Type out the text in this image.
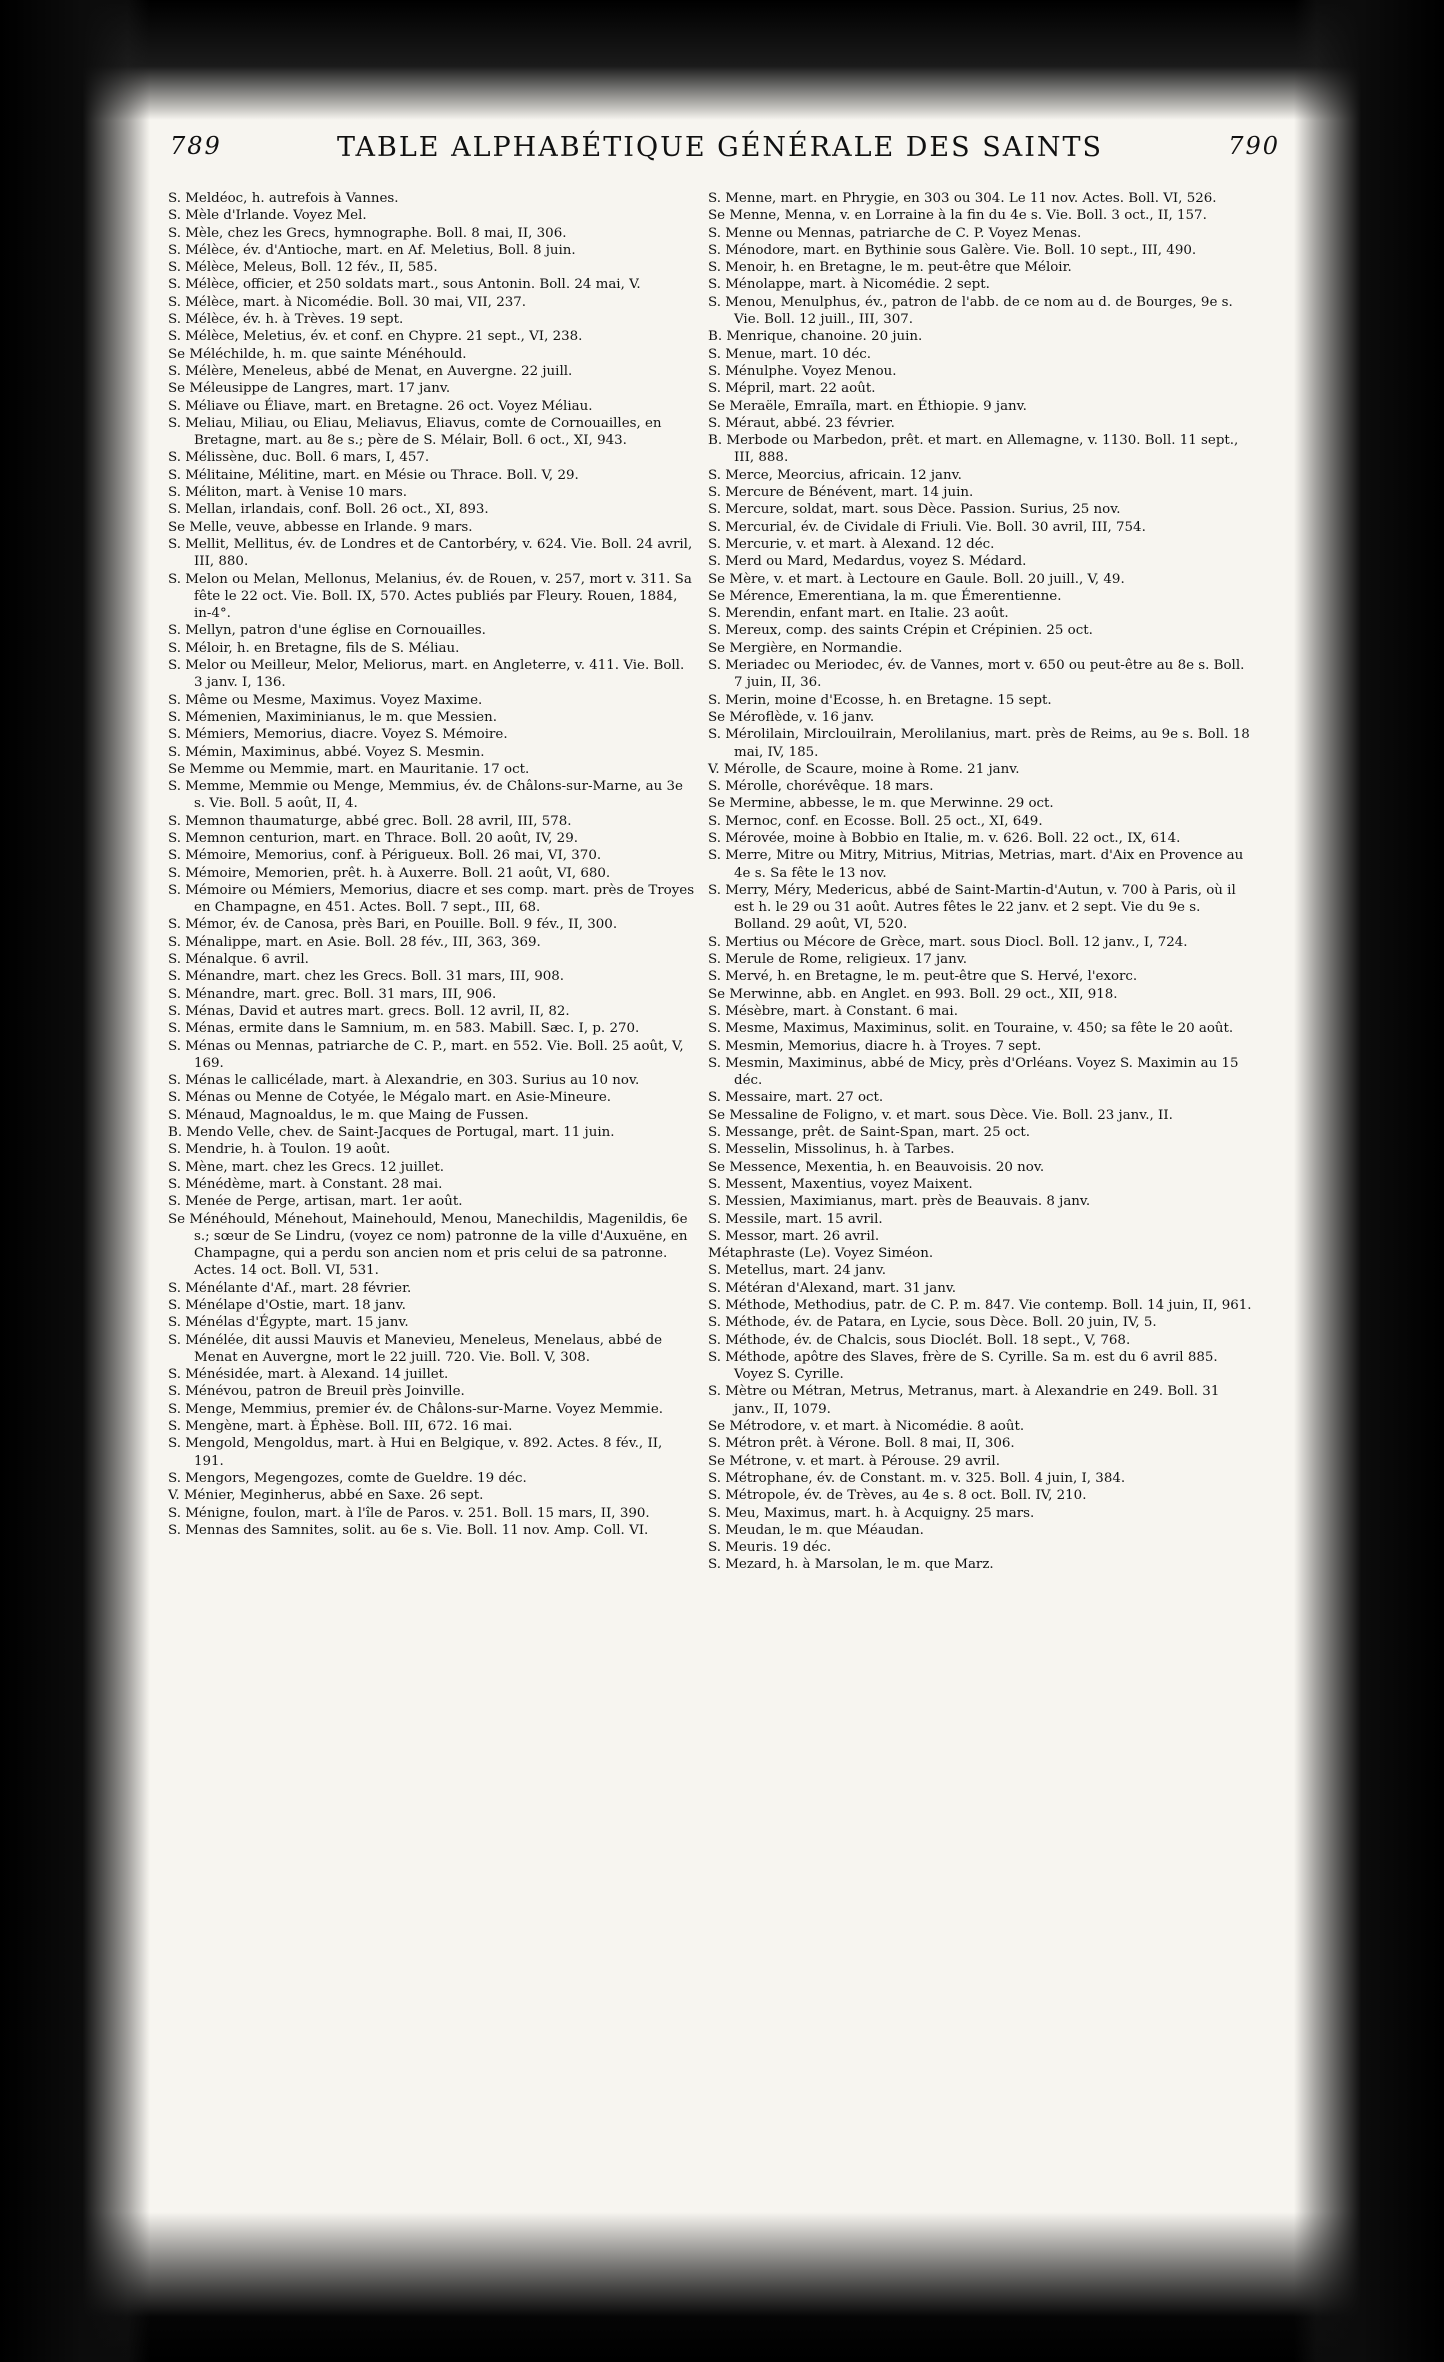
789	TABLE ALPHABÉTIQUE GÉNÉRALE DES SAINTS	790

S. Meldéoc, h. autrefois à Vannes.

S. Mèle d'Irlande. Voyez Mel.

S. Mèle, chez les Grecs, hymnographe. Boll. 8 mai, II, 306.

S. Mélèce, év. d'Antioche, mart. en Af. Meletius, Boll. 8 juin.

S. Mélèce, Meleus, Boll. 12 fév., II, 585.

S. Mélèce, officier, et 250 soldats mart., sous Antonin. Boll. 24 mai, V.

S. Mélèce, mart. à Nicomédie. Boll. 30 mai, VII, 237.

S. Mélèce, év. h. à Trèves. 19 sept.

S. Mélèce, Meletius, év. et conf. en Chypre. 21 sept., VI, 238.

Se Méléchilde, h. m. que sainte Ménéhould.

S. Mélère, Meneleus, abbé de Menat, en Auvergne. 22 juill.

Se Méleusippe de Langres, mart. 17 janv.

S. Méliave ou Éliave, mart. en Bretagne. 26 oct. Voyez Méliau.

S. Meliau, Miliau, ou Eliau, Meliavus, Eliavus, comte de Cornouailles, en Bretagne, mart. au 8e s.; père de S. Mélair, Boll. 6 oct., XI, 943.

S. Mélissène, duc. Boll. 6 mars, I, 457.

S. Mélitaine, Mélitine, mart. en Mésie ou Thrace. Boll. V, 29.

S. Méliton, mart. à Venise 10 mars.

S. Mellan, irlandais, conf. Boll. 26 oct., XI, 893.

Se Melle, veuve, abbesse en Irlande. 9 mars.

S. Mellit, Mellitus, év. de Londres et de Cantorbéry, v. 624. Vie. Boll. 24 avril, III, 880.

S. Melon ou Melan, Mellonus, Melanius, év. de Rouen, v. 257, mort v. 311. Sa fête le 22 oct. Vie. Boll. IX, 570. Actes publiés par Fleury. Rouen, 1884, in-4°.

S. Mellyn, patron d'une église en Cornouailles.

S. Méloir, h. en Bretagne, fils de S. Méliau.

S. Melor ou Meilleur, Melor, Meliorus, mart. en Angleterre, v. 411. Vie. Boll. 3 janv. I, 136.

S. Même ou Mesme, Maximus. Voyez Maxime.

S. Mémenien, Maximinianus, le m. que Messien.

S. Mémiers, Memorius, diacre. Voyez S. Mémoire.

S. Mémin, Maximinus, abbé. Voyez S. Mesmin.

Se Memme ou Memmie, mart. en Mauritanie. 17 oct.

S. Memme, Memmie ou Menge, Memmius, év. de Châlons-sur-Marne, au 3e s. Vie. Boll. 5 août, II, 4.

S. Memnon thaumaturge, abbé grec. Boll. 28 avril, III, 578.

S. Memnon centurion, mart. en Thrace. Boll. 20 août, IV, 29.

S. Mémoire, Memorius, conf. à Périgueux. Boll. 26 mai, VI, 370.

S. Mémoire, Memorien, prêt. h. à Auxerre. Boll. 21 août, VI, 680.

S. Mémoire ou Mémiers, Memorius, diacre et ses comp. mart. près de Troyes en Champagne, en 451. Actes. Boll. 7 sept., III, 68.

S. Mémor, év. de Canosa, près Bari, en Pouille. Boll. 9 fév., II, 300.

S. Ménalippe, mart. en Asie. Boll. 28 fév., III, 363, 369.

S. Ménalque. 6 avril.

S. Ménandre, mart. chez les Grecs. Boll. 31 mars, III, 908.

S. Ménandre, mart. grec. Boll. 31 mars, III, 906.

S. Ménas, David et autres mart. grecs. Boll. 12 avril, II, 82.

S. Ménas, ermite dans le Samnium, m. en 583. Mabill. Sæc. I, p. 270.

S. Ménas ou Mennas, patriarche de C. P., mart. en 552. Vie. Boll. 25 août, V, 169.

S. Ménas le callicélade, mart. à Alexandrie, en 303. Surius au 10 nov.

S. Ménas ou Menne de Cotyée, le Mégalo mart. en Asie-Mineure.

S. Ménaud, Magnoaldus, le m. que Maing de Fussen.

B. Mendo Velle, chev. de Saint-Jacques de Portugal, mart. 11 juin.

S. Mendrie, h. à Toulon. 19 août.

S. Mène, mart. chez les Grecs. 12 juillet.

S. Ménédème, mart. à Constant. 28 mai.

S. Menée de Perge, artisan, mart. 1er août.

Se Ménéhould, Ménehout, Mainehould, Menou, Manechildis, Magenildis, 6e s.; sœur de Se Lindru, (voyez ce nom) patronne de la ville d'Auxuëne, en Champagne, qui a perdu son ancien nom et pris celui de sa patronne. Actes. 14 oct. Boll. VI, 531.

S. Ménélante d'Af., mart. 28 février.

S. Ménélape d'Ostie, mart. 18 janv.

S. Ménélas d'Égypte, mart. 15 janv.

S. Ménélée, dit aussi Mauvis et Manevieu, Meneleus, Menelaus, abbé de Menat en Auvergne, mort le 22 juill. 720. Vie. Boll. V, 308.

S. Ménésidée, mart. à Alexand. 14 juillet.

S. Ménévou, patron de Breuil près Joinville.

S. Menge, Memmius, premier év. de Châlons-sur-Marne. Voyez Memmie.

S. Mengène, mart. à Éphèse. Boll. III, 672. 16 mai.

S. Mengold, Mengoldus, mart. à Hui en Belgique, v. 892. Actes. 8 fév., II, 191.

S. Mengors, Megengozes, comte de Gueldre. 19 déc.

V. Ménier, Meginherus, abbé en Saxe. 26 sept.

S. Ménigne, foulon, mart. à l'île de Paros. v. 251. Boll. 15 mars, II, 390.

S. Mennas des Samnites, solit. au 6e s. Vie. Boll. 11 nov. Amp. Coll. VI.

S. Menne, mart. en Phrygie, en 303 ou 304. Le 11 nov. Actes. Boll. VI, 526.

Se Menne, Menna, v. en Lorraine à la fin du 4e s. Vie. Boll. 3 oct., II, 157.

S. Menne ou Mennas, patriarche de C. P. Voyez Menas.

S. Ménodore, mart. en Bythinie sous Galère. Vie. Boll. 10 sept., III, 490.

S. Menoir, h. en Bretagne, le m. peut-être que Méloir.

S. Ménolappe, mart. à Nicomédie. 2 sept.

S. Menou, Menulphus, év., patron de l'abb. de ce nom au d. de Bourges, 9e s. Vie. Boll. 12 juill., III, 307.

B. Menrique, chanoine. 20 juin.

S. Menue, mart. 10 déc.

S. Ménulphe. Voyez Menou.

S. Mépril, mart. 22 août.

Se Meraële, Emraïla, mart. en Éthiopie. 9 janv.

S. Méraut, abbé. 23 février.

B. Merbode ou Marbedon, prêt. et mart. en Allemagne, v. 1130. Boll. 11 sept., III, 888.

S. Merce, Meorcius, africain. 12 janv.

S. Mercure de Bénévent, mart. 14 juin.

S. Mercure, soldat, mart. sous Dèce. Passion. Surius, 25 nov.

S. Mercurial, év. de Cividale di Friuli. Vie. Boll. 30 avril, III, 754.

S. Mercurie, v. et mart. à Alexand. 12 déc.

S. Merd ou Mard, Medardus, voyez S. Médard.

Se Mère, v. et mart. à Lectoure en Gaule. Boll. 20 juill., V, 49.

Se Mérence, Emerentiana, la m. que Émerentienne.

S. Merendin, enfant mart. en Italie. 23 août.

S. Mereux, comp. des saints Crépin et Crépinien. 25 oct.

Se Mergière, en Normandie.

S. Meriadec ou Meriodec, év. de Vannes, mort v. 650 ou peut-être au 8e s. Boll. 7 juin, II, 36.

S. Merin, moine d'Ecosse, h. en Bretagne. 15 sept.

Se Méroflède, v. 16 janv.

S. Mérolilain, Mirclouilrain, Merolilanius, mart. près de Reims, au 9e s. Boll. 18 mai, IV, 185.

V. Mérolle, de Scaure, moine à Rome. 21 janv.

S. Mérolle, chorévêque. 18 mars.

Se Mermine, abbesse, le m. que Merwinne. 29 oct.

S. Mernoc, conf. en Ecosse. Boll. 25 oct., XI, 649.

S. Mérovée, moine à Bobbio en Italie, m. v. 626. Boll. 22 oct., IX, 614.

S. Merre, Mitre ou Mitry, Mitrius, Mitrias, Metrias, mart. d'Aix en Provence au 4e s. Sa fête le 13 nov.

S. Merry, Méry, Medericus, abbé de Saint-Martin-d'Autun, v. 700 à Paris, où il est h. le 29 ou 31 août. Autres fêtes le 22 janv. et 2 sept. Vie du 9e s. Bolland. 29 août, VI, 520.

S. Mertius ou Mécore de Grèce, mart. sous Diocl. Boll. 12 janv., I, 724.

S. Merule de Rome, religieux. 17 janv.

S. Mervé, h. en Bretagne, le m. peut-être que S. Hervé, l'exorc.

Se Merwinne, abb. en Anglet. en 993. Boll. 29 oct., XII, 918.

S. Mésèbre, mart. à Constant. 6 mai.

S. Mesme, Maximus, Maximinus, solit. en Touraine, v. 450; sa fête le 20 août.

S. Mesmin, Memorius, diacre h. à Troyes. 7 sept.

S. Mesmin, Maximinus, abbé de Micy, près d'Orléans. Voyez S. Maximin au 15 déc.

S. Messaire, mart. 27 oct.

Se Messaline de Foligno, v. et mart. sous Dèce. Vie. Boll. 23 janv., II.

S. Messange, prêt. de Saint-Span, mart. 25 oct.

S. Messelin, Missolinus, h. à Tarbes.

Se Messence, Mexentia, h. en Beauvoisis. 20 nov.

S. Messent, Maxentius, voyez Maixent.

S. Messien, Maximianus, mart. près de Beauvais. 8 janv.

S. Messile, mart. 15 avril.

S. Messor, mart. 26 avril.

Métaphraste (Le). Voyez Siméon.

S. Metellus, mart. 24 janv.

S. Météran d'Alexand, mart. 31 janv.

S. Méthode, Methodius, patr. de C. P. m. 847. Vie contemp. Boll. 14 juin, II, 961.

S. Méthode, év. de Patara, en Lycie, sous Dèce. Boll. 20 juin, IV, 5.

S. Méthode, év. de Chalcis, sous Dioclét. Boll. 18 sept., V, 768.

S. Méthode, apôtre des Slaves, frère de S. Cyrille. Sa m. est du 6 avril 885. Voyez S. Cyrille.

S. Mètre ou Métran, Metrus, Metranus, mart. à Alexandrie en 249. Boll. 31 janv., II, 1079.

Se Métrodore, v. et mart. à Nicomédie. 8 août.

S. Métron prêt. à Vérone. Boll. 8 mai, II, 306.

Se Métrone, v. et mart. à Pérouse. 29 avril.

S. Métrophane, év. de Constant. m. v. 325. Boll. 4 juin, I, 384.

S. Métropole, év. de Trèves, au 4e s. 8 oct. Boll. IV, 210.

S. Meu, Maximus, mart. h. à Acquigny. 25 mars.

S. Meudan, le m. que Méaudan.

S. Meuris. 19 déc.

S. Mezard, h. à Marsolan, le m. que Marz.
